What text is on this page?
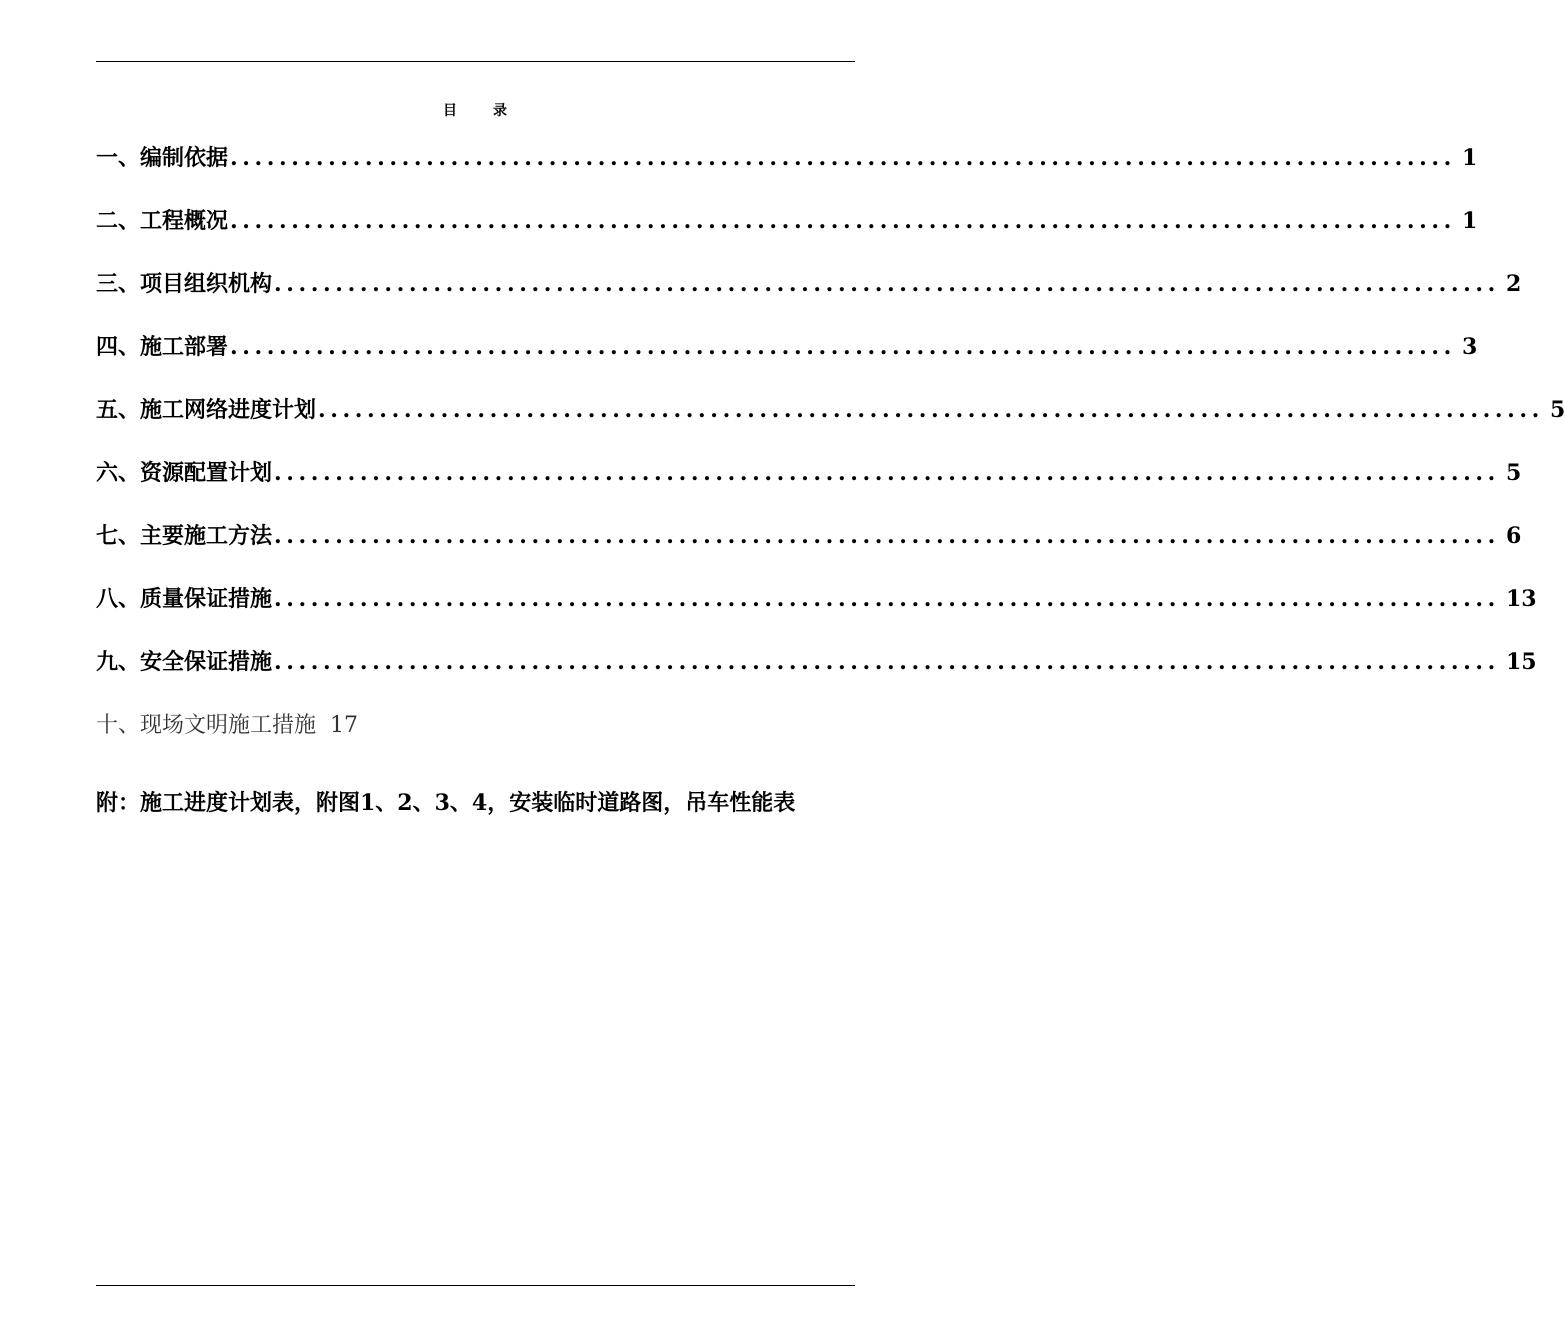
目录
一、编制依据 .................................................................................................... 1
二、工程概况 .................................................................................................... 1
三、项目组织机构 .................................................................................................... 2
四、施工部署 .................................................................................................... 3
五、施工网络进度计划 .................................................................................................... 5
六、资源配置计划 .................................................................................................... 5
七、主要施工方法 .................................................................................................... 6
八、质量保证措施 .................................................................................................... 13
九、安全保证措施 .................................................................................................... 15
十、现场文明施工措施 17
附：施工进度计划表，附图1、2、3、4，安装临时道路图，吊车性能表
